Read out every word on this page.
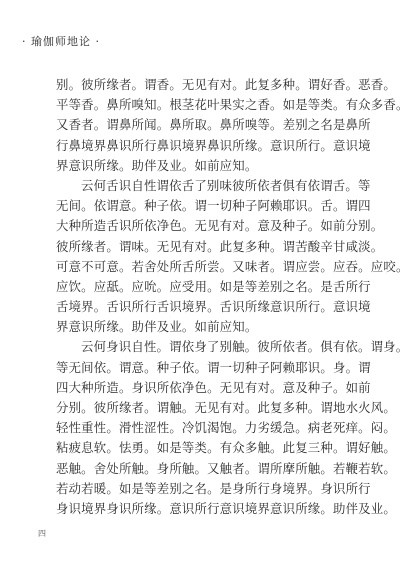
· 瑜伽师地论 ·
别。彼所缘者。谓香。无见有对。此复多种。谓好香。恶香。
平等香。鼻所嗅知。根茎花叶果实之香。如是等类。有众多香。
又香者。谓鼻所闻。鼻所取。鼻所嗅等。差别之名是鼻所
行鼻境界鼻识所行鼻识境界鼻识所缘。意识所行。意识境
界意识所缘。助伴及业。如前应知。
云何舌识自性谓依舌了别味彼所依者俱有依谓舌。等
无间。依谓意。种子依。谓一切种子阿赖耶识。舌。谓四
大种所造舌识所依净色。无见有对。意及种子。如前分别。
彼所缘者。谓味。无见有对。此复多种。谓苦酸辛甘咸淡。
可意不可意。若舍处所舌所尝。又味者。谓应尝。应吞。应咬。
应饮。应舐。应吮。应受用。如是等差别之名。是舌所行
舌境界。舌识所行舌识境界。舌识所缘意识所行。意识境
界意识所缘。助伴及业。如前应知。
云何身识自性。谓依身了别触。彼所依者。俱有依。谓身。
等无间依。谓意。种子依。谓一切种子阿赖耶识。身。谓
四大种所造。身识所依净色。无见有对。意及种子。如前
分别。彼所缘者。谓触。无见有对。此复多种。谓地水火风。
轻性重性。滑性涩性。冷饥渴饱。力劣缓急。病老死痒。闷。
粘疲息软。怯勇。如是等类。有众多触。此复三种。谓好触。
恶触。舍处所触。身所触。又触者。谓所摩所触。若鞭若软。
若动若暖。如是等差别之名。是身所行身境界。身识所行
身识境界身识所缘。意识所行意识境界意识所缘。助伴及业。
四
